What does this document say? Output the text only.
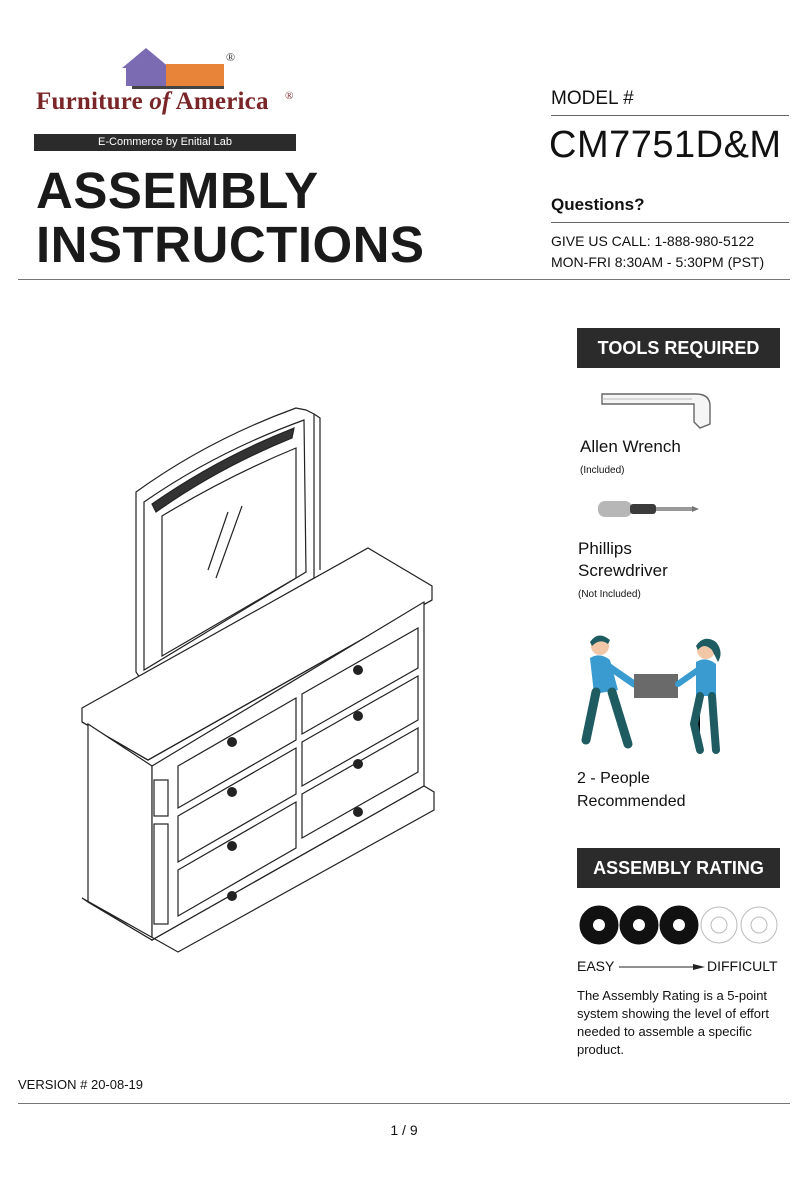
®
Furniture of America ®
E-Commerce by Enitial Lab
ASSEMBLY
INSTRUCTIONS
MODEL #
CM7751D&M
Questions?
GIVE US CALL: 1-888-980-5122
MON-FRI 8:30AM - 5:30PM (PST)
TOOLS REQUIRED
Allen Wrench
(Included)
Phillips
Screwdriver
(Not Included)
2 - People
Recommended
ASSEMBLY RATING
EASY	DIFFICULT
The Assembly Rating is a 5-point system showing the level of effort needed to assemble a specific product.
VERSION # 20-08-19
1 / 9
